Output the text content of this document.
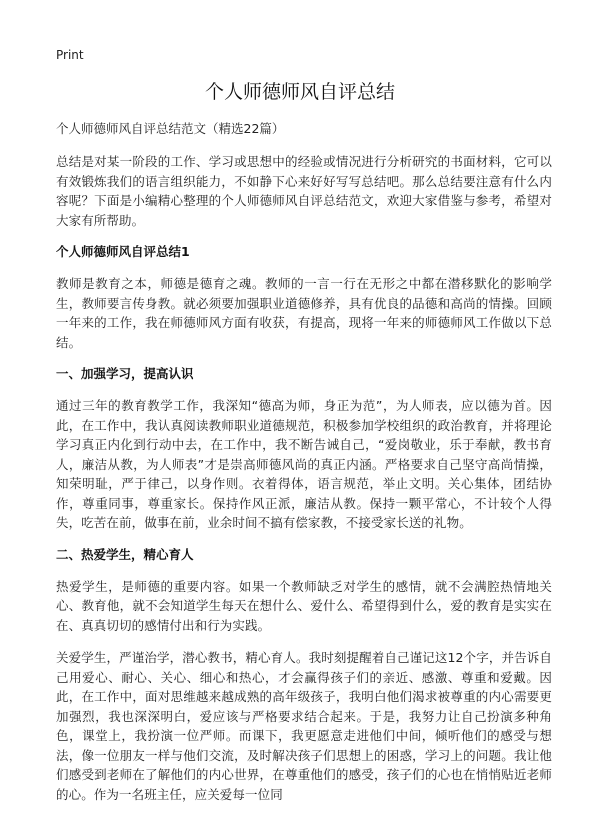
Print
个人师德师风自评总结
个人师德师风自评总结范文（精选22篇）

总结是对某一阶段的工作、学习或思想中的经验或情况进行分析研究的书面材料，它可以有效锻炼我们的语言组织能力，不如静下心来好好写写总结吧。那么总结要注意有什么内容呢？下面是小编精心整理的个人师德师风自评总结范文，欢迎大家借鉴与参考，希望对大家有所帮助。

个人师德师风自评总结1

教师是教育之本，师德是德育之魂。教师的一言一行在无形之中都在潜移默化的影响学生，教师要言传身教。就必须要加强职业道德修养，具有优良的品德和高尚的情操。回顾一年来的工作，我在师德师风方面有收获，有提高，现将一年来的师德师风工作做以下总结。

一、加强学习，提高认识

通过三年的教育教学工作，我深知“德高为师，身正为范”，为人师表，应以德为首。因此，在工作中，我认真阅读教师职业道德规范，积极参加学校组织的政治教育，并将理论学习真正内化到行动中去，在工作中，我不断告诫自己，“爱岗敬业，乐于奉献，教书育人，廉洁从教，为人师表”才是崇高师德风尚的真正内涵。严格要求自己坚守高尚情操，知荣明耻，严于律己，以身作则。衣着得体，语言规范，举止文明。关心集体，团结协作，尊重同事，尊重家长。保持作风正派，廉洁从教。保持一颗平常心，不计较个人得失，吃苦在前，做事在前，业余时间不搞有偿家教，不接受家长送的礼物。

二、热爱学生，精心育人

热爱学生，是师德的重要内容。如果一个教师缺乏对学生的感情，就不会满腔热情地关心、教育他，就不会知道学生每天在想什么、爱什么、希望得到什么，爱的教育是实实在在、真真切切的感情付出和行为实践。

关爱学生，严谨治学，潜心教书，精心育人。我时刻提醒着自己谨记这12个字，并告诉自己用爱心、耐心、关心、细心和热心，才会赢得孩子们的亲近、感激、尊重和爱戴。因此，在工作中，面对思维越来越成熟的高年级孩子，我明白他们渴求被尊重的内心需要更加强烈，我也深深明白，爱应该与严格要求结合起来。于是，我努力让自己扮演多种角色，课堂上，我扮演一位严师。而课下，我更愿意走进他们中间，倾听他们的感受与想法，像一位朋友一样与他们交流，及时解决孩子们思想上的困惑，学习上的问题。我让他们感受到老师在了解他们的内心世界，在尊重他们的感受，孩子们的心也在悄悄贴近老师的心。作为一名班主任，应关爱每一位同
